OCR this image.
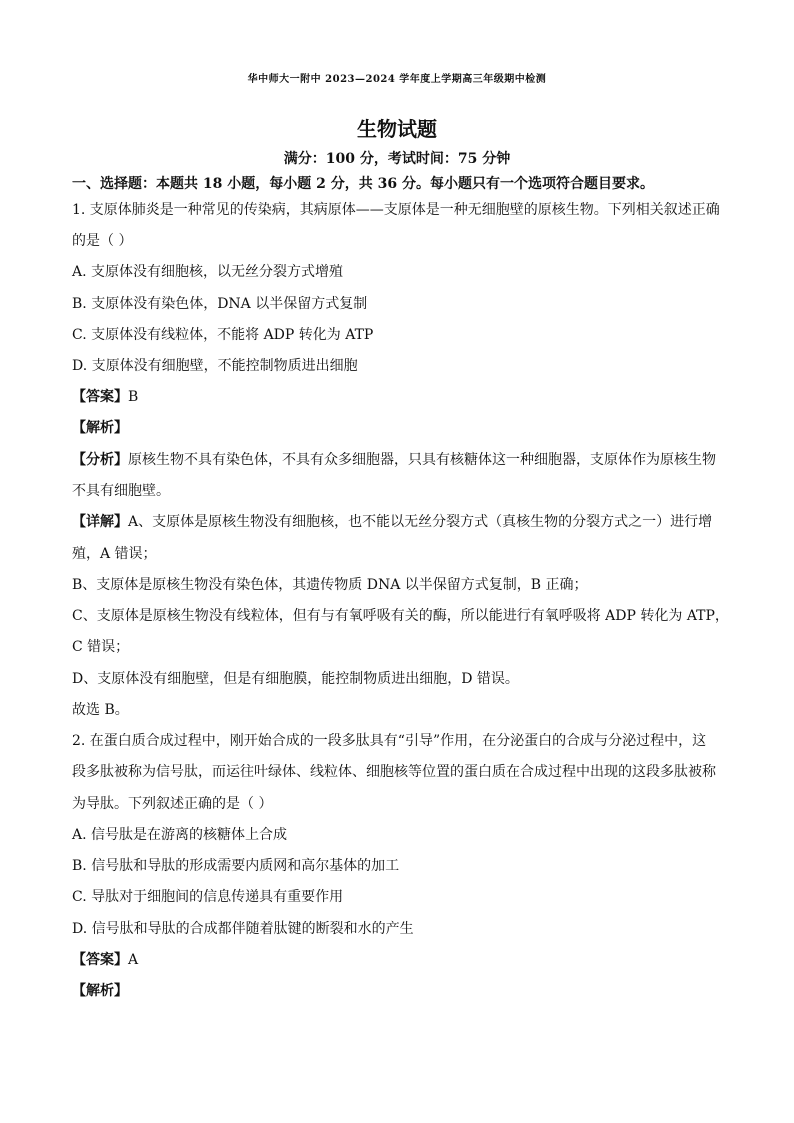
华中师大一附中 2023—2024 学年度上学期高三年级期中检测
生物试题
满分：100 分，考试时间：75 分钟
一、选择题：本题共 18 小题，每小题 2 分，共 36 分。每小题只有一个选项符合题目要求。
1. 支原体肺炎是一种常见的传染病，其病原体——支原体是一种无细胞壁的原核生物。下列相关叙述正确
的是（ ）
A. 支原体没有细胞核，以无丝分裂方式增殖
B. 支原体没有染色体，DNA 以半保留方式复制
C. 支原体没有线粒体，不能将 ADP 转化为 ATP
D. 支原体没有细胞壁，不能控制物质进出细胞
【答案】B
【解析】
【分析】原核生物不具有染色体，不具有众多细胞器，只具有核糖体这一种细胞器，支原体作为原核生物
不具有细胞壁。
【详解】A、支原体是原核生物没有细胞核，也不能以无丝分裂方式（真核生物的分裂方式之一）进行增
殖，A 错误；
B、支原体是原核生物没有染色体，其遗传物质 DNA 以半保留方式复制，B 正确；
C、支原体是原核生物没有线粒体，但有与有氧呼吸有关的酶，所以能进行有氧呼吸将 ADP 转化为 ATP，
C 错误；
D、支原体没有细胞壁，但是有细胞膜，能控制物质进出细胞，D 错误。
故选 B。
2. 在蛋白质合成过程中，刚开始合成的一段多肽具有“引导”作用，在分泌蛋白的合成与分泌过程中，这
段多肽被称为信号肽，而运往叶绿体、线粒体、细胞核等位置的蛋白质在合成过程中出现的这段多肽被称
为导肽。下列叙述正确的是（ ）
A. 信号肽是在游离的核糖体上合成
B. 信号肽和导肽的形成需要内质网和高尔基体的加工
C. 导肽对于细胞间的信息传递具有重要作用
D. 信号肽和导肽的合成都伴随着肽键的断裂和水的产生
【答案】A
【解析】
